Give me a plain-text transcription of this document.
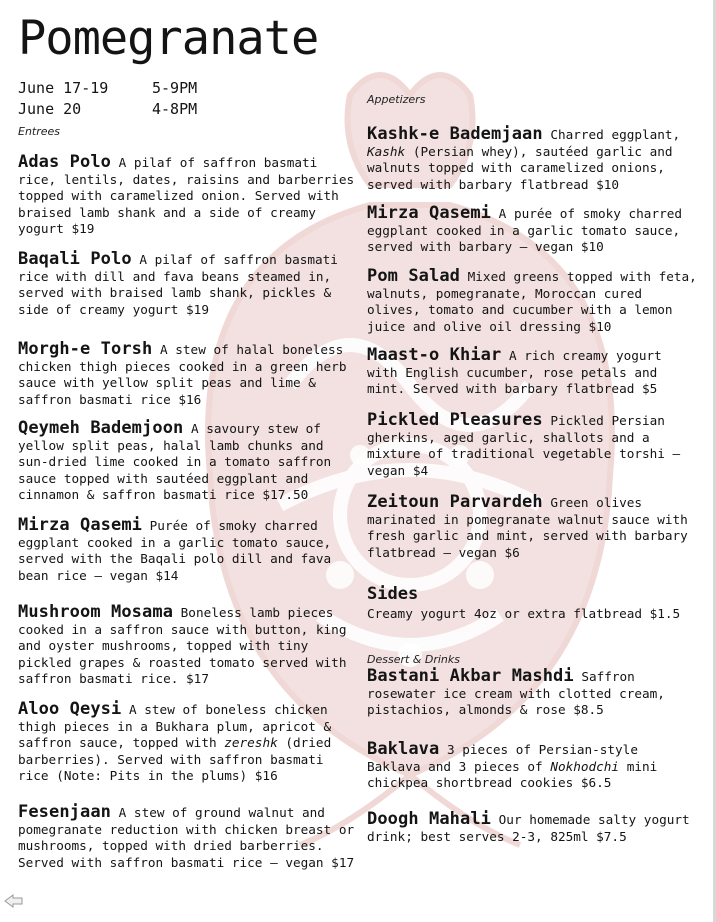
Pomegranate
June 17-19	5-9PM
June 20	4-8PM
Entrees
Adas Polo A pilaf of saffron basmati rice, lentils, dates, raisins and barberries topped with caramelized onion. Served with braised lamb shank and a side of creamy yogurt $19
Baqali Polo A pilaf of saffron basmati rice with dill and fava beans steamed in, served with braised lamb shank, pickles & side of creamy yogurt $19
Morgh-e Torsh A stew of halal boneless chicken thigh pieces cooked in a green herb sauce with yellow split peas and lime & saffron basmati rice $16
Qeymeh Bademjoon A savoury stew of yellow split peas, halal lamb chunks and sun-dried lime cooked in a tomato saffron sauce topped with sautéed eggplant and cinnamon & saffron basmati rice $17.50
Mirza Qasemi Purée of smoky charred eggplant cooked in a garlic tomato sauce, served with the Baqali polo dill and fava bean rice – vegan $14
Mushroom Mosama Boneless lamb pieces cooked in a saffron sauce with button, king and oyster mushrooms, topped with tiny pickled grapes & roasted tomato served with saffron basmati rice. $17
Aloo Qeysi A stew of boneless chicken thigh pieces in a Bukhara plum, apricot & saffron sauce, topped with zereshk (dried barberries). Served with saffron basmati rice (Note: Pits in the plums) $16
Fesenjaan A stew of ground walnut and pomegranate reduction with chicken breast or mushrooms, topped with dried barberries. Served with saffron basmati rice – vegan $17
Appetizers
Kashk-e Bademjaan Charred eggplant, Kashk (Persian whey), sautéed garlic and walnuts topped with caramelized onions, served with barbary flatbread $10
Mirza Qasemi A purée of smoky charred eggplant cooked in a garlic tomato sauce, served with barbary – vegan $10
Pom Salad Mixed greens topped with feta, walnuts, pomegranate, Moroccan cured olives, tomato and cucumber with a lemon juice and olive oil dressing $10
Maast-o Khiar A rich creamy yogurt with English cucumber, rose petals and mint. Served with barbary flatbread $5
Pickled Pleasures Pickled Persian gherkins, aged garlic, shallots and a mixture of traditional vegetable torshi – vegan $4
Zeitoun Parvardeh Green olives marinated in pomegranate walnut sauce with fresh garlic and mint, served with barbary flatbread – vegan $6
Sides
Creamy yogurt 4oz or extra flatbread $1.5
Dessert & Drinks
Bastani Akbar Mashdi Saffron rosewater ice cream with clotted cream, pistachios, almonds & rose $8.5
Baklava 3 pieces of Persian-style Baklava and 3 pieces of Nokhodchi mini chickpea shortbread cookies $6.5
Doogh Mahali Our homemade salty yogurt drink; best serves 2-3, 825ml $7.5
